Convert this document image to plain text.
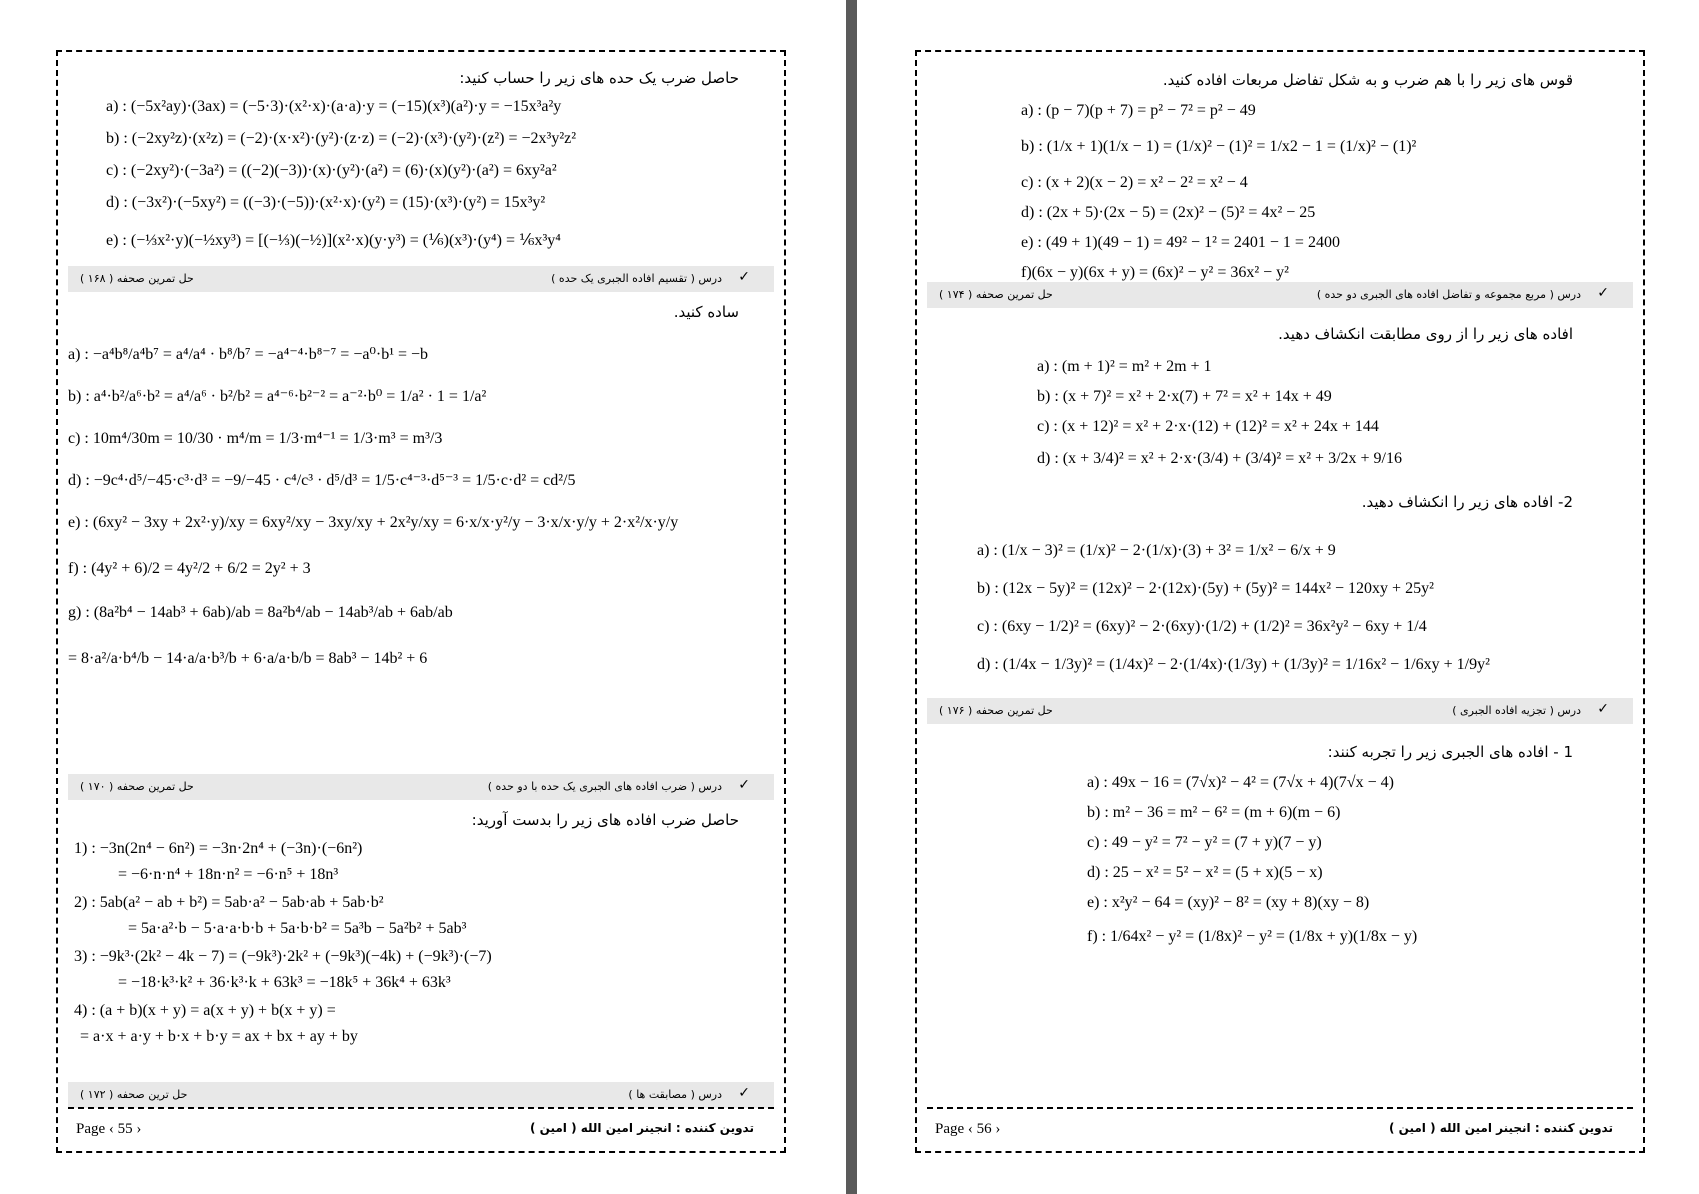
حاصل ضرب یک حده های زیر را حساب کنید:
a) : (−5x²ay)·(3ax) = (−5·3)·(x²·x)·(a·a)·y = (−15)(x³)(a²)·y = −15x³a²y
b) : (−2xy²z)·(x²z) = (−2)·(x·x²)·(y²)·(z·z) = (−2)·(x³)·(y²)·(z²) = −2x³y²z²
c) : (−2xy²)·(−3a²) = ((−2)(−3))·(x)·(y²)·(a²) = (6)·(x)(y²)·(a²) = 6xy²a²
d) : (−3x²)·(−5xy²) = ((−3)·(−5))·(x²·x)·(y²) = (15)·(x³)·(y²) = 15x³y²
e) : (−⅓x²·y)(−½xy³) = [(−⅓)(−½)](x²·x)(y·y³) = (⅙)(x³)·(y⁴) = ⅙x³y⁴
✓
درس ( تقسیم افاده الجبری یک حده )
حل تمرین صحفه ( ۱۶۸ )
ساده کنید.
a) : −a⁴b⁸/a⁴b⁷ = a⁴/a⁴ · b⁸/b⁷ = −a⁴⁻⁴·b⁸⁻⁷ = −a⁰·b¹ = −b
b) : a⁴·b²/a⁶·b² = a⁴/a⁶ · b²/b² = a⁴⁻⁶·b²⁻² = a⁻²·b⁰ = 1/a² · 1 = 1/a²
c) : 10m⁴/30m = 10/30 · m⁴/m = 1/3·m⁴⁻¹ = 1/3·m³ = m³/3
d) : −9c⁴·d⁵/−45·c³·d³ = −9/−45 · c⁴/c³ · d⁵/d³ = 1/5·c⁴⁻³·d⁵⁻³ = 1/5·c·d² = cd²/5
e) : (6xy² − 3xy + 2x²·y)/xy = 6xy²/xy − 3xy/xy + 2x²y/xy = 6·x/x·y²/y − 3·x/x·y/y + 2·x²/x·y/y
f) : (4y² + 6)/2 = 4y²/2 + 6/2 = 2y² + 3
g) : (8a²b⁴ − 14ab³ + 6ab)/ab = 8a²b⁴/ab − 14ab³/ab + 6ab/ab
= 8·a²/a·b⁴/b − 14·a/a·b³/b + 6·a/a·b/b = 8ab³ − 14b² + 6
✓
درس ( ضرب افاده های الجبری یک حده با دو حده )
حل تمرین صحفه ( ۱۷۰ )
حاصل ضرب افاده های زیر را بدست آورید:
1) : −3n(2n⁴ − 6n²) = −3n·2n⁴ + (−3n)·(−6n²)
= −6·n·n⁴ + 18n·n² = −6·n⁵ + 18n³
2) : 5ab(a² − ab + b²) = 5ab·a² − 5ab·ab + 5ab·b²
= 5a·a²·b − 5·a·a·b·b + 5a·b·b² = 5a³b − 5a²b² + 5ab³
3) : −9k³·(2k² − 4k − 7) = (−9k³)·2k² + (−9k³)(−4k) + (−9k³)·(−7)
= −18·k³·k² + 36·k³·k + 63k³ = −18k⁵ + 36k⁴ + 63k³
4) : (a + b)(x + y) = a(x + y) + b(x + y) =
= a·x + a·y + b·x + b·y = ax + bx + ay + by
✓
درس ( مصابقت ها )
حل ترین صحفه ( ۱۷۲ )
Page ‹ 55 ›	تدوین کننده : انجینر امین الله ( امین )
قوس های زیر را با هم ضرب و به شکل تفاضل مربعات افاده کنید.
a) : (p − 7)(p + 7) = p² − 7² = p² − 49
b) : (1/x + 1)(1/x − 1) = (1/x)² − (1)² = 1/x2 − 1 = (1/x)² − (1)²
c) : (x + 2)(x − 2) = x² − 2² = x² − 4
d) : (2x + 5)·(2x − 5) = (2x)² − (5)² = 4x² − 25
e) : (49 + 1)(49 − 1) = 49² − 1² = 2401 − 1 = 2400
f)(6x − y)(6x + y) = (6x)² − y² = 36x² − y²
✓
درس ( مربع مجموعه و تفاضل افاده های الجبری دو حده )
حل تمرین صحفه ( ۱۷۴ )
افاده های زیر را از روی مطابقت انکشاف دهید.
a) : (m + 1)² = m² + 2m + 1
b) : (x + 7)² = x² + 2·x(7) + 7² = x² + 14x + 49
c) : (x + 12)² = x² + 2·x·(12) + (12)² = x² + 24x + 144
d) : (x + 3/4)² = x² + 2·x·(3/4) + (3/4)² = x² + 3/2x + 9/16
2- افاده های زیر را انکشاف دهید.
a) : (1/x − 3)² = (1/x)² − 2·(1/x)·(3) + 3² = 1/x² − 6/x + 9
b) : (12x − 5y)² = (12x)² − 2·(12x)·(5y) + (5y)² = 144x² − 120xy + 25y²
c) : (6xy − 1/2)² = (6xy)² − 2·(6xy)·(1/2) + (1/2)² = 36x²y² − 6xy + 1/4
d) : (1/4x − 1/3y)² = (1/4x)² − 2·(1/4x)·(1/3y) + (1/3y)² = 1/16x² − 1/6xy + 1/9y²
✓
درس ( تجزیه افاده الجبری )
حل تمرین صحفه ( ۱۷۶ )
1 - افاده های الجبری زیر را تجربه کنند:
a) : 49x − 16 = (7√x)² − 4² = (7√x + 4)(7√x − 4)
b) : m² − 36 = m² − 6² = (m + 6)(m − 6)
c) : 49 − y² = 7² − y² = (7 + y)(7 − y)
d) : 25 − x² = 5² − x² = (5 + x)(5 − x)
e) : x²y² − 64 = (xy)² − 8² = (xy + 8)(xy − 8)
f) : 1/64x² − y² = (1/8x)² − y² = (1/8x + y)(1/8x − y)
Page ‹ 56 ›	تدوین کننده : انجینر امین الله ( امین )
